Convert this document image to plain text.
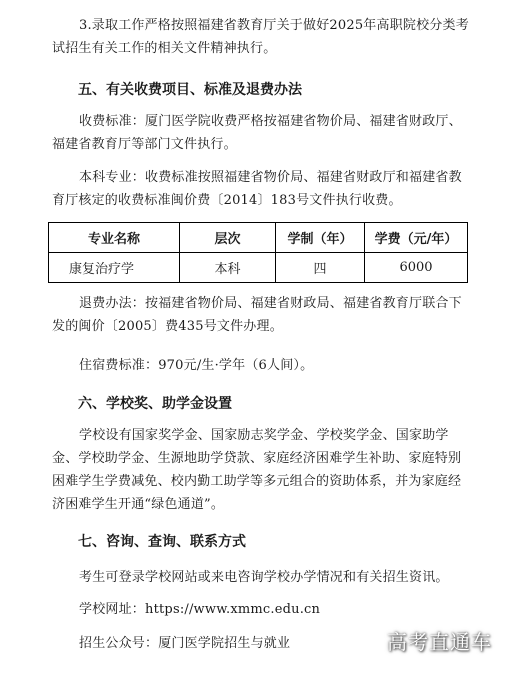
3.录取工作严格按照福建省教育厅关于做好2025年高职院校分类考试招生有关工作的相关文件精神执行。

五、有关收费项目、标准及退费办法

收费标准：厦门医学院收费严格按福建省物价局、福建省财政厅、福建省教育厅等部门文件执行。

本科专业：收费标准按照福建省物价局、福建省财政厅和福建省教育厅核定的收费标准闽价费〔2014〕183号文件执行收费。

专业名称	层次	学制（年）	学费（元/年）
康复治疗学	本科	四	6000

退费办法：按福建省物价局、福建省财政局、福建省教育厅联合下发的闽价〔2005〕费435号文件办理。

住宿费标准：970元/生·学年（6人间）。

六、学校奖、助学金设置

学校设有国家奖学金、国家励志奖学金、学校奖学金、国家助学金、学校助学金、生源地助学贷款、家庭经济困难学生补助、家庭特别困难学生学费减免、校内勤工助学等多元组合的资助体系，并为家庭经济困难学生开通“绿色通道”。

七、咨询、查询、联系方式

考生可登录学校网站或来电咨询学校办学情况和有关招生资讯。

学校网址：https://www.xmmc.edu.cn

招生公众号：厦门医学院招生与就业	高考直通车
